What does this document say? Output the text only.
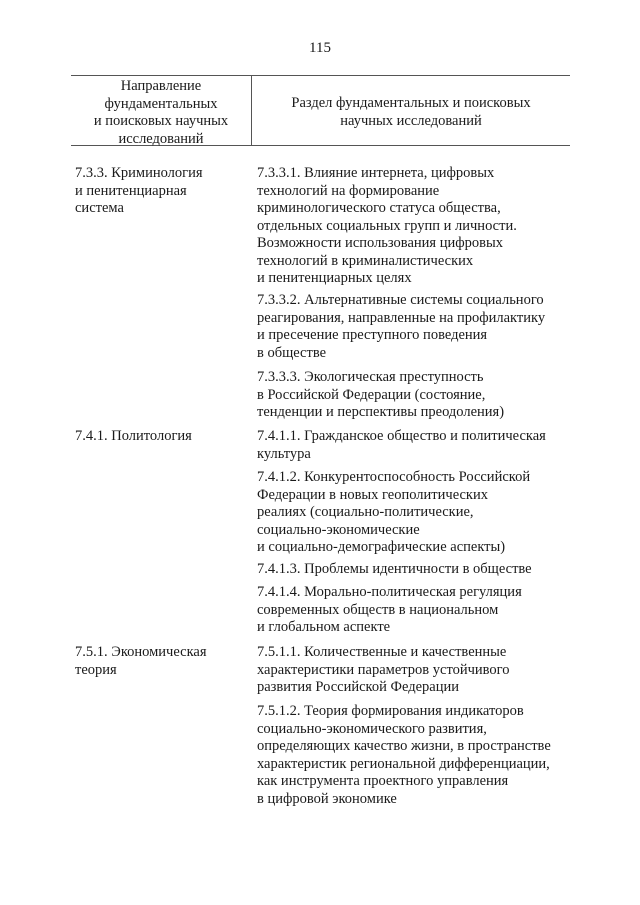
115
Направление
фундаментальных
и поисковых научных
исследований
Раздел фундаментальных и поисковых
научных исследований
7.3.3. Криминология
и пенитенциарная
система
7.3.3.1. Влияние интернета, цифровых
технологий на формирование
криминологического статуса общества,
отдельных социальных групп и личности.
Возможности использования цифровых
технологий в криминалистических
и пенитенциарных целях
7.3.3.2. Альтернативные системы социального
реагирования, направленные на профилактику
и пресечение преступного поведения
в обществе
7.3.3.3. Экологическая преступность
в Российской Федерации (состояние,
тенденции и перспективы преодоления)
7.4.1. Политология	7.4.1.1. Гражданское общество и политическая
культура
7.4.1.2. Конкурентоспособность Российской
Федерации в новых геополитических
реалиях (социально-политические,
социально-экономические
и социально-демографические аспекты)
7.4.1.3. Проблемы идентичности в обществе
7.4.1.4. Морально-политическая регуляция
современных обществ в национальном
и глобальном аспекте
7.5.1. Экономическая
теория
7.5.1.1. Количественные и качественные
характеристики параметров устойчивого
развития Российской Федерации
7.5.1.2. Теория формирования индикаторов
социально-экономического развития,
определяющих качество жизни, в пространстве
характеристик региональной дифференциации,
как инструмента проектного управления
в цифровой экономике
